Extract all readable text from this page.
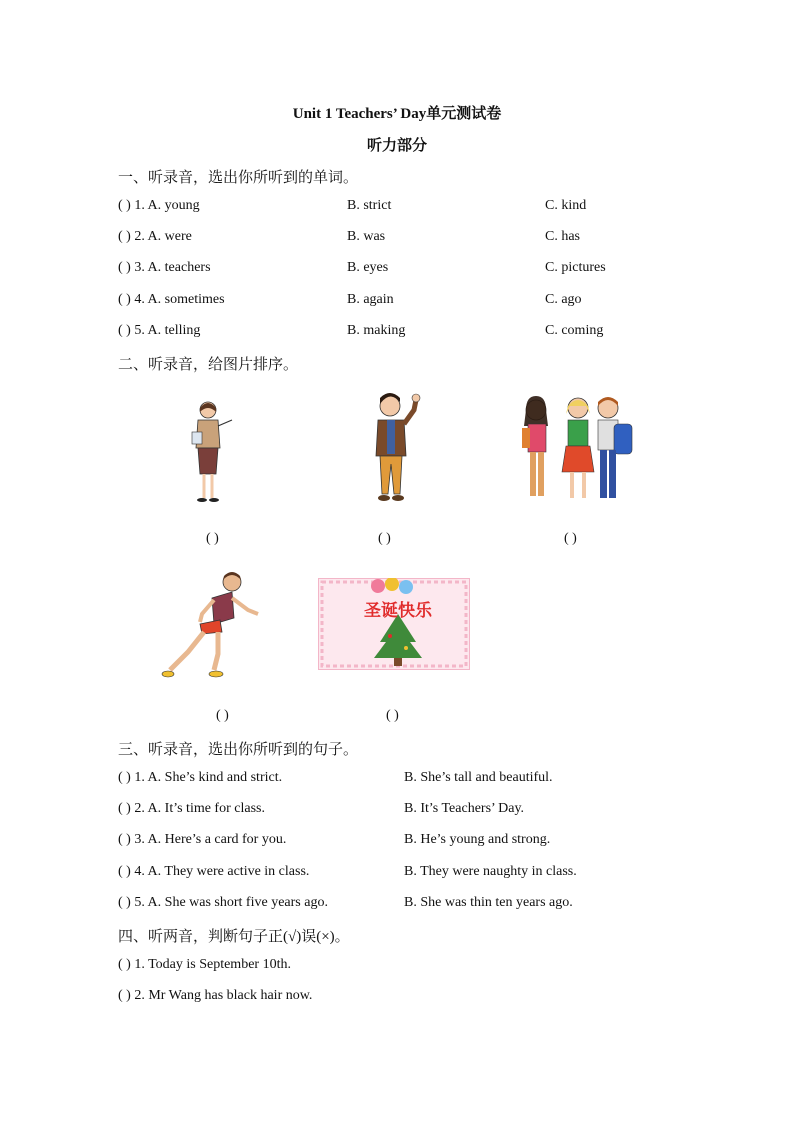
Unit 1 Teachers’ Day单元测试卷
听力部分
一、听录音，选出你所听到的单词。
( ) 1. A. young	B. strict	C. kind
( ) 2. A. were	B. was	C. has
( ) 3. A. teachers	B. eyes	C. pictures
( ) 4. A. sometimes	B. again	C. ago
( ) 5. A. telling	B. making	C. coming
二、听录音，给图片排序。
( )	( )	( )
圣诞快乐
( )	( )
三、听录音，选出你所听到的句子。
( ) 1. A. She’s kind and strict.	B. She’s tall and beautiful.
( ) 2. A. It’s time for class.	B. It’s Teachers’ Day.
( ) 3. A. Here’s a card for you.	B. He’s young and strong.
( ) 4. A. They were active in class.	B. They were naughty in class.
( ) 5. A. She was short five years ago.	B. She was thin ten years ago.
四、听两音，判断句子正(√)误(×)。
( ) 1. Today is September 10th.
( ) 2. Mr Wang has black hair now.
